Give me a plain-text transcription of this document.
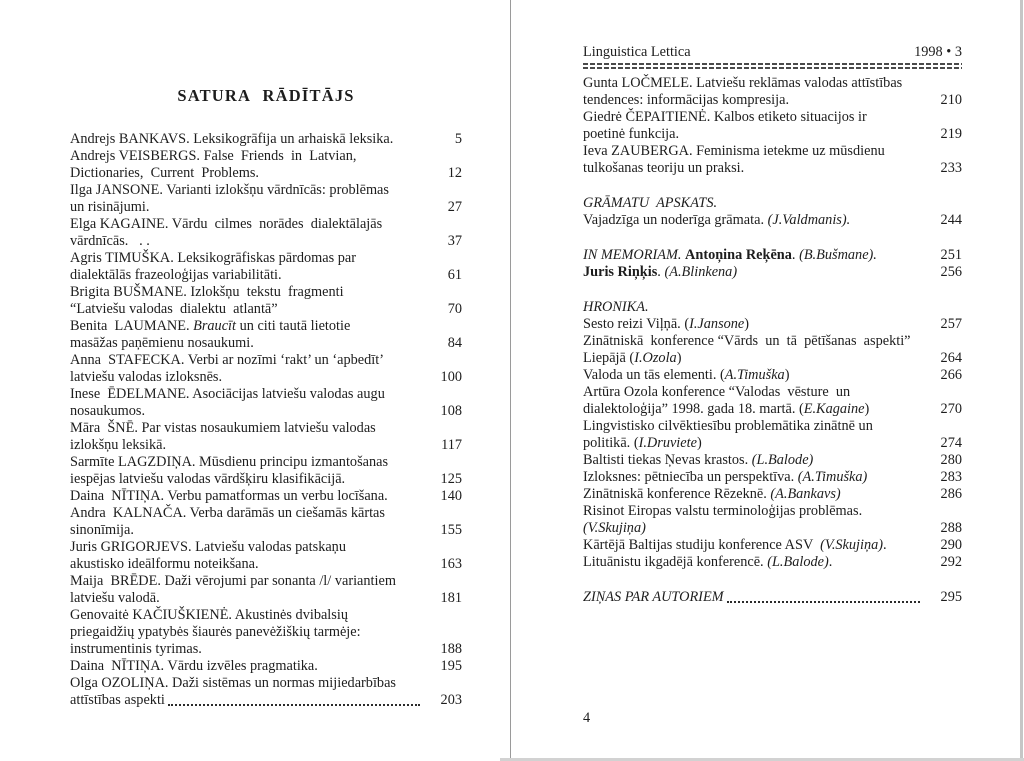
SATURA RĀDĪTĀJS
Andrejs BANKAVS. Leksikogrāfija un arhaiskā leksika.	5
Andrejs VEISBERGS. False  Friends  in  Latvian,
Dictionaries,  Current  Problems.	12
Ilga JANSONE. Varianti izlokšņu vārdnīcās: problēmas
un risinājumi.	27
Elga KAGAINE. Vārdu  cilmes  norādes  dialektālajās
vārdnīcās.   . .	37
Agris TIMUŠKA. Leksikogrāfiskas pārdomas par
dialektālās frazeoloģijas variabilitāti.	61
Brigita BUŠMANE. Izlokšņu  tekstu  fragmenti
“Latviešu valodas  dialektu  atlantā”	70
Benita  LAUMANE. Braucīt un citi tautā lietotie
masāžas paņēmienu nosaukumi.	84
Anna  STAFECKA. Verbi ar nozīmi ‘rakt’ un ‘apbedīt’
latviešu valodas izloksnēs.	100
Inese  ĒDELMANE. Asociācijas latviešu valodas augu
nosaukumos.	108
Māra  ŠNĒ. Par vistas nosaukumiem latviešu valodas
izlokšņu leksikā.	117
Sarmīte LAGZDIŅA. Mūsdienu principu izmantošanas
iespējas latviešu valodas vārdšķiru klasifikācijā.	125
Daina  NĪTIŅA. Verbu pamatformas un verbu locīšana.	140
Andra  KALNAČA. Verba darāmās un ciešamās kārtas
sinonīmija.	155
Juris GRIGORJEVS. Latviešu valodas patskaņu
akustisko ideālformu noteikšana.	163
Maija  BRĒDE. Daži vērojumi par sonanta /l/ variantiem
latviešu valodā.	181
Genovaitė KAČIUŠKIENĖ. Akustinės dvibalsių
priegaidžių ypatybės šiaurės panevėžiškių tarmėje:
instrumentinis tyrimas.	188
Daina  NĪTIŅA. Vārdu izvēles pragmatika.	195
Olga OZOLIŅA. Daži sistēmas un normas mijiedarbības
attīstības aspekti	203
Linguistica Lettica	1998 • 3
Gunta LOČMELE. Latviešu reklāmas valodas attīstības
tendences: informācijas kompresija.	210
Giedrė ČEPAITIENĖ. Kalbos etiketo situacijos ir
poetinė funkcija.	219
Ieva ZAUBERGA. Feminisma ietekme uz mūsdienu
tulkošanas teoriju un praksi.	233
GRĀMATU  APSKATS.
Vajadzīga un noderīga grāmata. (J.Valdmanis).	244
IN MEMORIAM. Antoņina Reķēna . (B.Bušmane).	251
Juris Riņķis . (A.Blinkena)	256
HRONIKA.
Sesto reizi Viļņā. ( I.Jansone )	257
Zinātniskā  konference “Vārds  un  tā  pētīšanas  aspekti”
Liepājā ( I.Ozola )	264
Valoda un tās elementi. ( A.Timuška )	266
Artūra Ozola konference “Valodas  vēsture  un
dialektoloģija” 1998. gada 18. martā. ( E.Kagaine )	270
Lingvistisko cilvēktiesību problemātika zinātnē un
politikā. ( I.Druviete )	274
Baltisti tiekas Ņevas krastos. (L.Balode)	280
Izloksnes: pētniecība un perspektīva. (A.Timuška)	283
Zinātniskā konference Rēzeknē. (A.Bankavs)	286
Risinot Eiropas valstu terminoloģijas problēmas.
(V.Skujiņa)	288
Kārtējā Baltijas studiju konference ASV (V.Skujiņa) .	290
Lituānistu ikgadējā konferencē. (L.Balode) .	292
ZIŅAS PAR AUTORIEM	295
4
